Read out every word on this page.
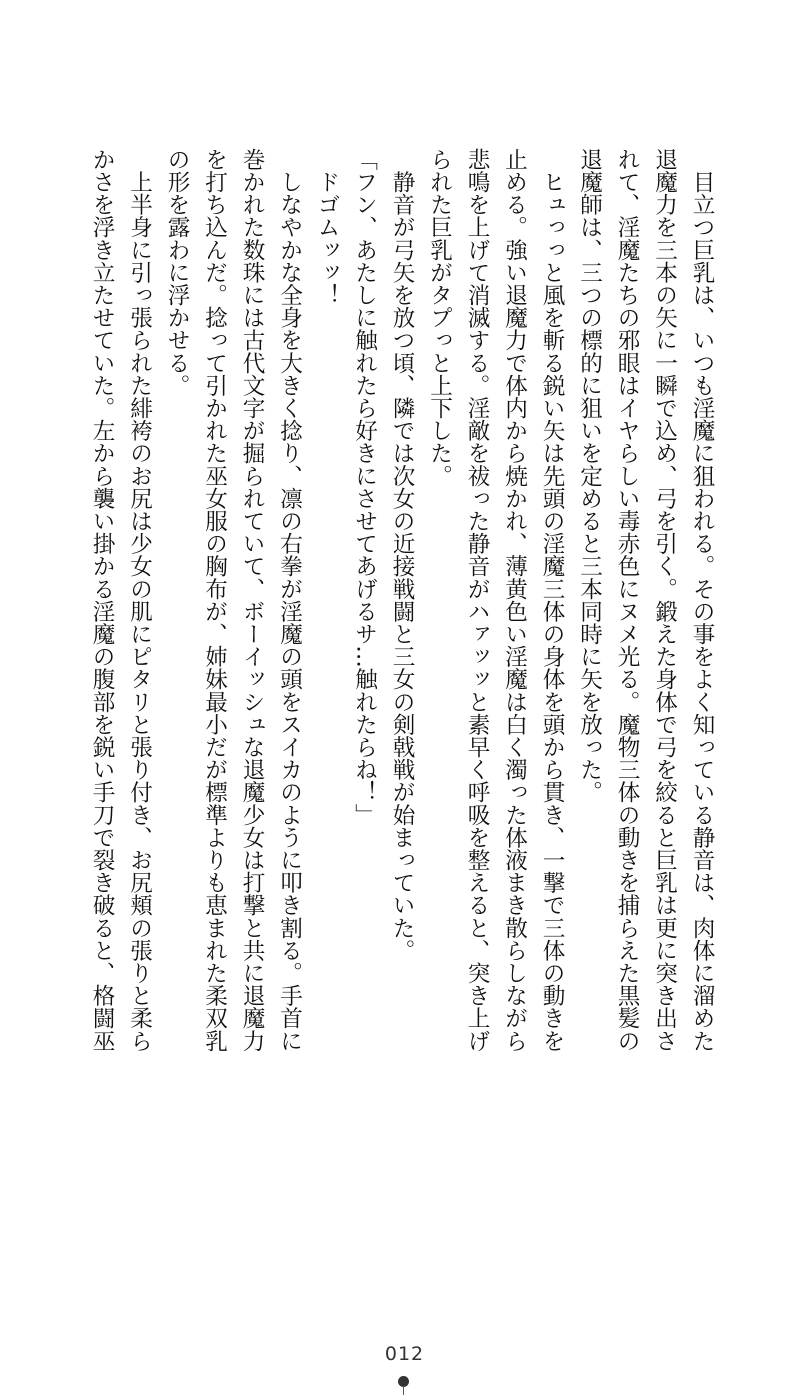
　目立つ巨乳は、いつも淫魔に狙われる。その事をよく知っている静音は、肉体に溜めた
退魔力を三本の矢に一瞬で込め、弓を引く。鍛えた身体で弓を絞ると巨乳は更に突き出さ
れて、淫魔たちの邪眼はイヤらしい毒赤色にヌメ光る。魔物三体の動きを捕らえた黒髪の
退魔師は、三つの標的に狙いを定めると三本同時に矢を放った。
　ヒュっっと風を斬る鋭い矢は先頭の淫魔三体の身体を頭から貫き、一撃で三体の動きを
止める。強い退魔力で体内から焼かれ、薄黄色い淫魔は白く濁った体液まき散らしながら
悲鳴を上げて消滅する。淫敵を祓った静音がハァッッと素早く呼吸を整えると、突き上げ
られた巨乳がタプっと上下した。
　静音が弓矢を放つ頃、隣では次女の近接戦闘と三女の剣戟戦が始まっていた。
「フン、あたしに触れたら好きにさせてあげるサ…触れたらね！」
　ドゴムッッ！
　しなやかな全身を大きく捻り、凛の右拳が淫魔の頭をスイカのように叩き割る。手首に
巻かれた数珠には古代文字が掘られていて、ボーイッシュな退魔少女は打撃と共に退魔力
を打ち込んだ。捻って引かれた巫女服の胸布が、姉妹最小だが標準よりも恵まれた柔双乳
の形を露わに浮かせる。
　上半身に引っ張られた緋袴のお尻は少女の肌にピタリと張り付き、お尻頬の張りと柔ら
かさを浮き立たせていた。左から襲い掛かる淫魔の腹部を鋭い手刀で裂き破ると、格闘巫
012
